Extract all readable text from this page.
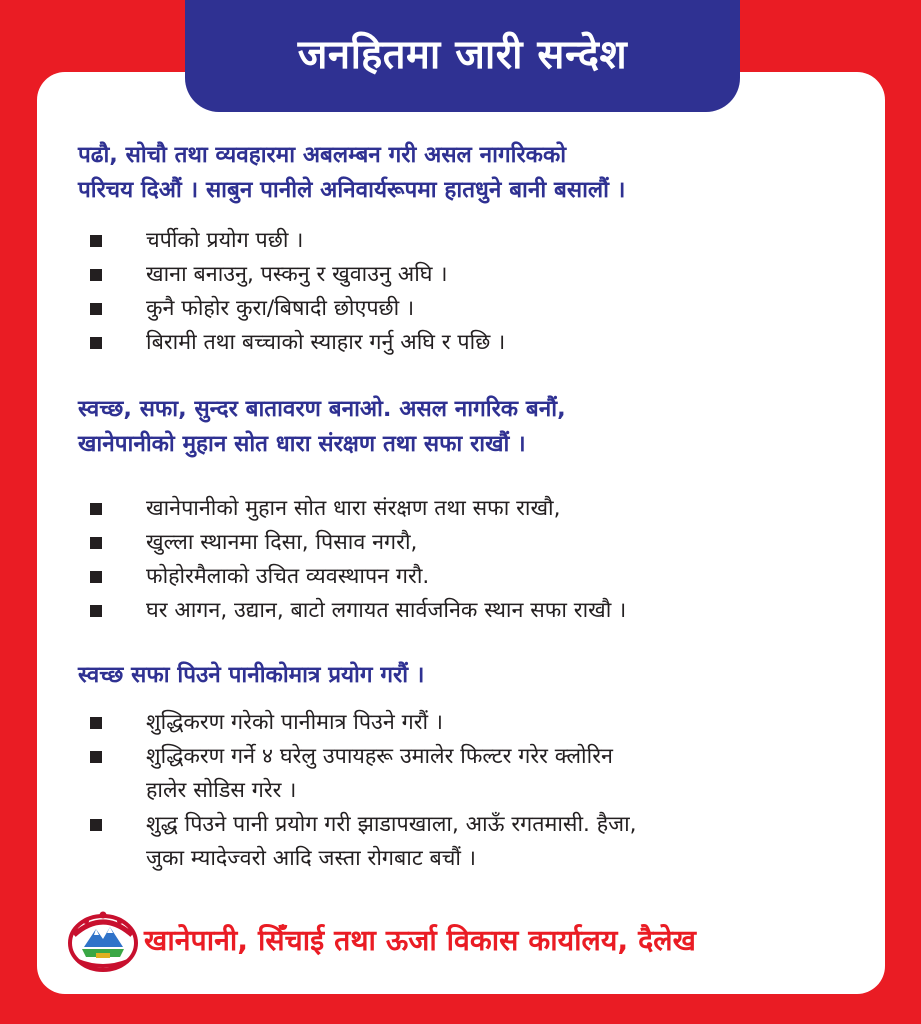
जनहितमा जारी सन्देश
पढौ, सोचौ तथा व्यवहारमा अबलम्बन गरी असल नागरिकको
परिचय दिऔं । साबुन पानीले अनिवार्यरूपमा हातधुने बानी बसालौं ।
चर्पीको प्रयोग पछी ।
खाना बनाउनु, पस्कनु र खुवाउनु अघि ।
कुनै फोहोर कुरा/बिषादी छोएपछी ।
बिरामी तथा बच्चाको स्याहार गर्नु अघि र पछि ।
स्वच्छ, सफा, सुन्दर बातावरण बनाओ. असल नागरिक बनौं,
खानेपानीको मुहान सोत धारा संरक्षण तथा सफा राखौं ।
खानेपानीको मुहान सोत धारा संरक्षण तथा सफा राखौ,
खुल्ला स्थानमा दिसा, पिसाव नगरौ,
फोहोरमैलाको उचित व्यवस्थापन गरौ.
घर आगन, उद्यान, बाटो लगायत सार्वजनिक स्थान सफा राखौ ।
स्वच्छ सफा पिउने पानीकोमात्र प्रयोग गरौं ।
शुद्धिकरण गरेको पानीमात्र पिउने गरौं ।
शुद्धिकरण गर्ने ४ घरेलु उपायहरू उमालेर फिल्टर गरेर क्लोरिन
हालेर सोडिस गरेर ।
शुद्ध पिउने पानी प्रयोग गरी झाडापखाला, आऊँ रगतमासी. हैजा,
जुका म्यादेज्वरो आदि जस्ता रोगबाट बचौं ।
खानेपानी, सिँचाई तथा ऊर्जा विकास कार्यालय, दैलेख
